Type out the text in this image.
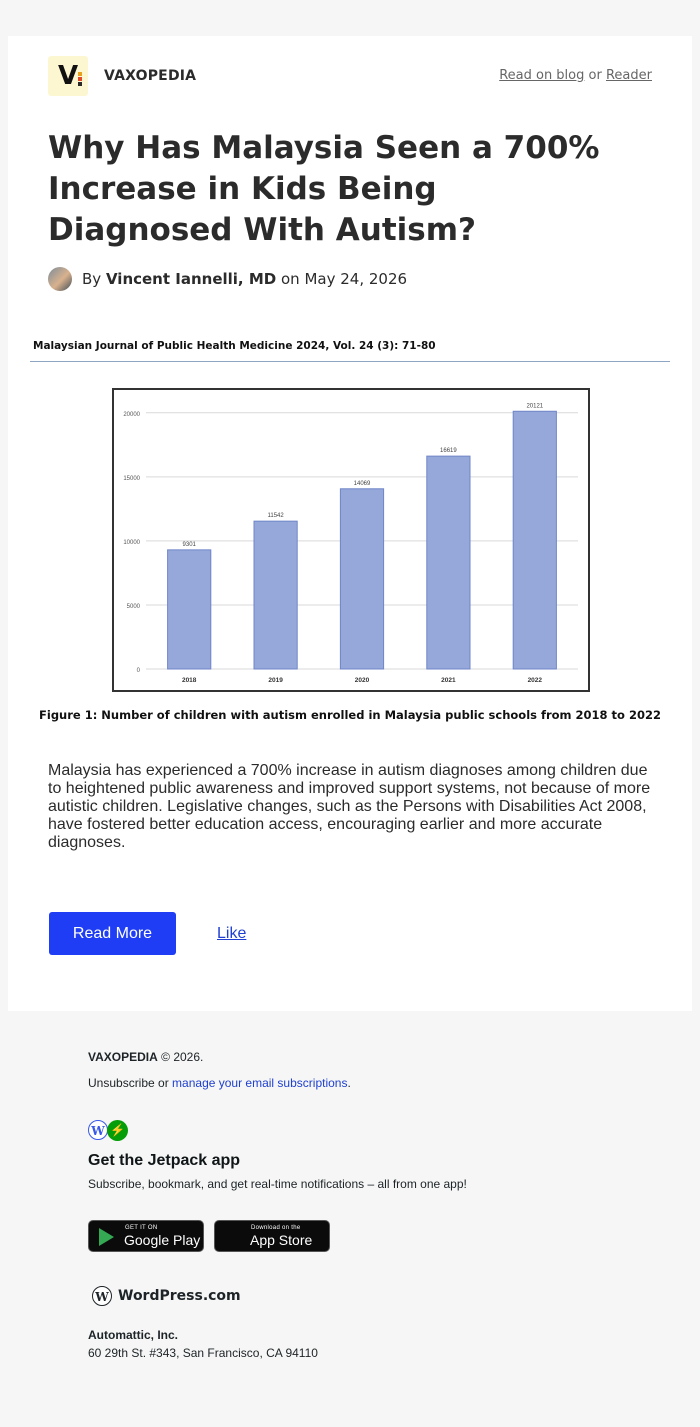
V VAXOPEDIA	Read on blog or Reader
Why Has Malaysia Seen a 700% Increase in Kids Being Diagnosed With Autism?
By
Vincent Iannelli, MD
on
May 24, 2026
Malaysian Journal of Public Health Medicine 2024, Vol. 24 (3): 71-80
0
5000
10000
15000
20000
9301
2018
11542
2019
14069
2020
16619
2021
20121
2022
Figure 1: Number of children with autism enrolled in Malaysia public schools from 2018 to 2022

Malaysia has experienced a 700% increase in autism diagnoses among children due to heightened public awareness and improved support systems, not because of more autistic children. Legislative changes, such as the Persons with Disabilities Act 2008, have fostered better education access, encouraging earlier and more accurate diagnoses.

Read More	Like
VAXOPEDIA © 2026.
Unsubscribe or manage your email subscriptions.
W ⚡
Get the Jetpack app
Subscribe, bookmark, and get real-time notifications – all from one app!
GET IT ON
Google Play
Download on the
App Store
W WordPress.com
Automattic, Inc.
60 29th St. #343, San Francisco, CA 94110
